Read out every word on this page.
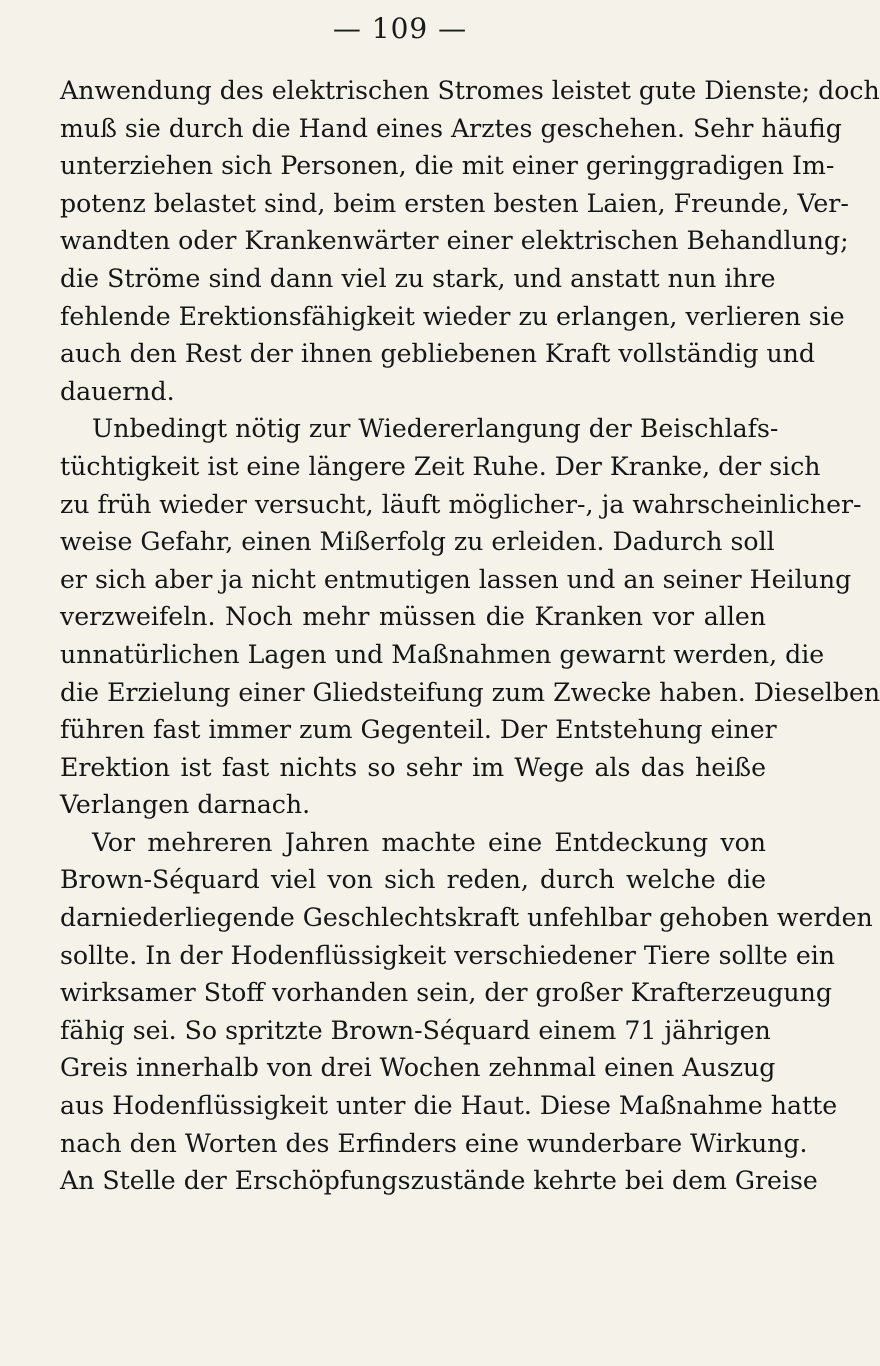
— 109 —
Anwendung des elektrischen Stromes leistet gute Dienste; doch
muß sie durch die Hand eines Arztes geschehen. Sehr häufig
unterziehen sich Personen, die mit einer geringgradigen Im-
potenz belastet sind, beim ersten besten Laien, Freunde, Ver-
wandten oder Krankenwärter einer elektrischen Behandlung;
die Ströme sind dann viel zu stark, und anstatt nun ihre
fehlende Erektionsfähigkeit wieder zu erlangen, verlieren sie
auch den Rest der ihnen gebliebenen Kraft vollständig und
dauernd.
Unbedingt nötig zur Wiedererlangung der Beischlafs-
tüchtigkeit ist eine längere Zeit Ruhe. Der Kranke, der sich
zu früh wieder versucht, läuft möglicher-, ja wahrscheinlicher-
weise Gefahr, einen Mißerfolg zu erleiden. Dadurch soll
er sich aber ja nicht entmutigen lassen und an seiner Heilung
verzweifeln. Noch mehr müssen die Kranken vor allen
unnatürlichen Lagen und Maßnahmen gewarnt werden, die
die Erzielung einer Gliedsteifung zum Zwecke haben. Dieselben
führen fast immer zum Gegenteil. Der Entstehung einer
Erektion ist fast nichts so sehr im Wege als das heiße
Verlangen darnach.
Vor mehreren Jahren machte eine Entdeckung von
Brown-Séquard viel von sich reden, durch welche die
darniederliegende Geschlechtskraft unfehlbar gehoben werden
sollte. In der Hodenflüssigkeit verschiedener Tiere sollte ein
wirksamer Stoff vorhanden sein, der großer Krafterzeugung
fähig sei. So spritzte Brown-Séquard einem 71 jährigen
Greis innerhalb von drei Wochen zehnmal einen Auszug
aus Hodenflüssigkeit unter die Haut. Diese Maßnahme hatte
nach den Worten des Erfinders eine wunderbare Wirkung.
An Stelle der Erschöpfungszustände kehrte bei dem Greise
